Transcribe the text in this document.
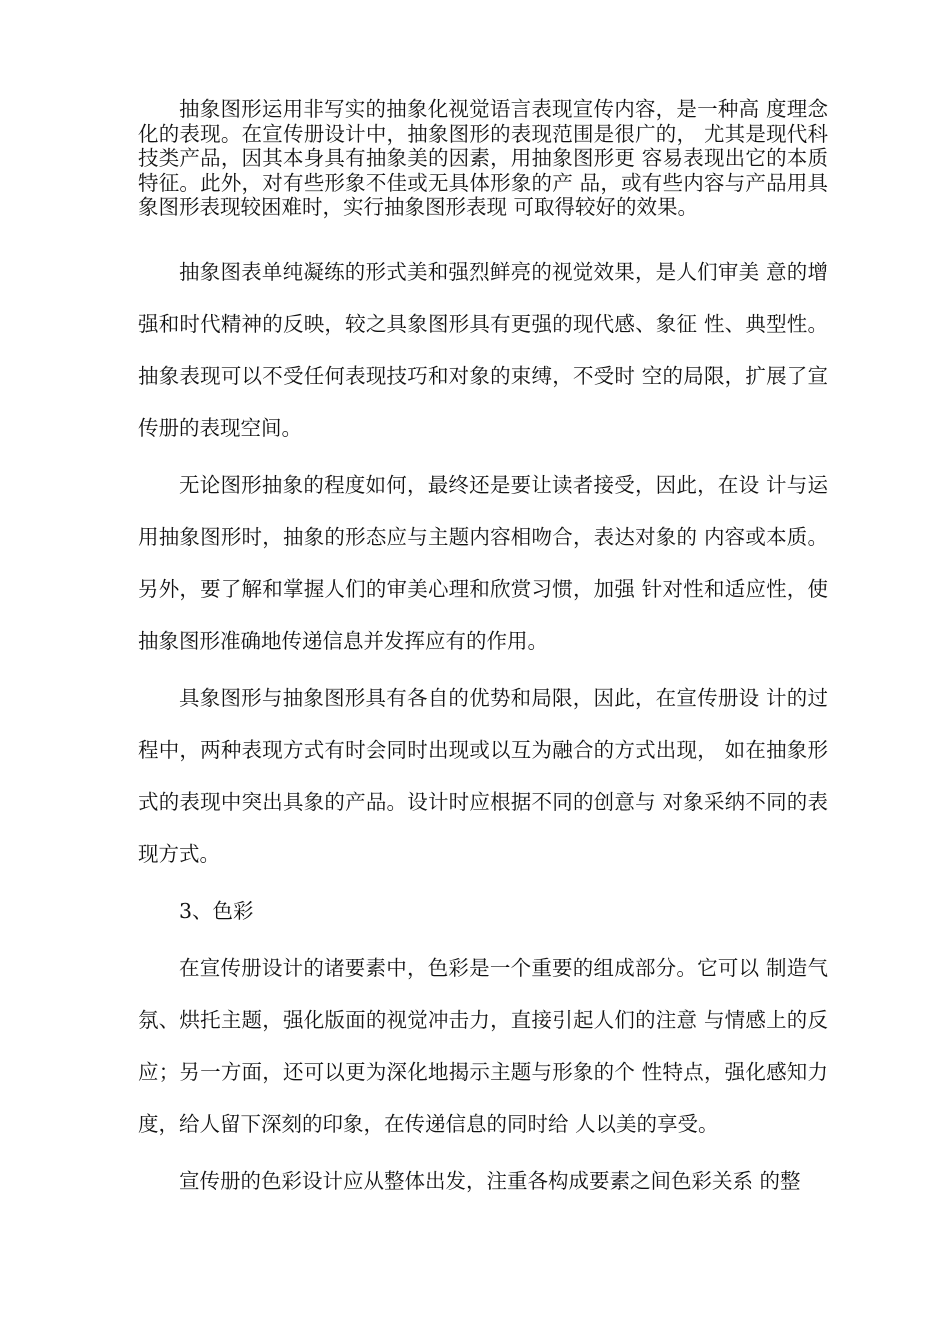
抽象图形运用非写实的抽象化视觉语言表现宣传内容，是一种高 度理念化的表现。在宣传册设计中，抽象图形的表现范围是很广的， 尤其是现代科技类产品，因其本身具有抽象美的因素，用抽象图形更 容易表现出它的本质特征。此外，对有些形象不佳或无具体形象的产 品，或有些内容与产品用具象图形表现较困难时，实行抽象图形表现 可取得较好的效果。

抽象图表单纯凝练的形式美和强烈鲜亮的视觉效果，是人们审美 意的增强和时代精神的反映，较之具象图形具有更强的现代感、象征 性、典型性。抽象表现可以不受任何表现技巧和对象的束缚，不受时 空的局限，扩展了宣传册的表现空间。

无论图形抽象的程度如何，最终还是要让读者接受，因此，在设 计与运用抽象图形时，抽象的形态应与主题内容相吻合，表达对象的 内容或本质。另外，要了解和掌握人们的审美心理和欣赏习惯，加强 针对性和适应性，使抽象图形准确地传递信息并发挥应有的作用。

具象图形与抽象图形具有各自的优势和局限，因此，在宣传册设 计的过程中，两种表现方式有时会同时出现或以互为融合的方式出现， 如在抽象形式的表现中突出具象的产品。设计时应根据不同的创意与 对象采纳不同的表现方式。

3、色彩

在宣传册设计的诸要素中，色彩是一个重要的组成部分。它可以 制造气氛、烘托主题，强化版面的视觉冲击力，直接引起人们的注意 与情感上的反应；另一方面，还可以更为深化地揭示主题与形象的个 性特点，强化感知力度，给人留下深刻的印象，在传递信息的同时给 人以美的享受。

宣传册的色彩设计应从整体出发，注重各构成要素之间色彩关系 的整
